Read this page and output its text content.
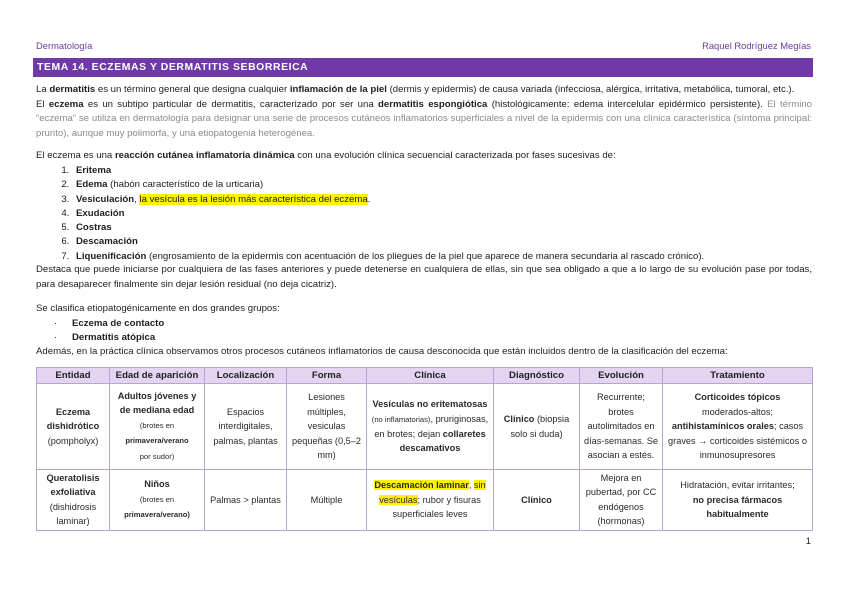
Dermatología	Raquel Rodríguez Megías
TEMA 14. ECZEMAS Y DERMATITIS SEBORREICA
La dermatitis es un término general que designa cualquier inflamación de la piel (dermis y epidermis) de causa variada (infecciosa, alérgica, irritativa, metabólica, tumoral, etc.).
El eczema es un subtipo particular de dermatitis, caracterizado por ser una dermatitis espongiótica (histológicamente: edema intercelular epidérmico persistente). El término “eczema” se utiliza en dermatología para designar una serie de procesos cutáneos inflamatorios superficiales a nivel de la epidermis con una clínica característica (síntoma principal: prurito), aunque muy polimorfa, y una etiopatogenia heterogénea.
El eczema es una reacción cutánea inflamatoria dinámica con una evolución clínica secuencial caracterizada por fases sucesivas de:
1. Eritema
2. Edema (habón característico de la urticaria)
3. Vesiculación, la vesícula es la lesión más característica del eczema.
4. Exudación
5. Costras
6. Descamación
7. Liquenificación (engrosamiento de la epidermis con acentuación de los pliegues de la piel que aparece de manera secundaria al rascado crónico).
Destaca que puede iniciarse por cualquiera de las fases anteriores y puede detenerse en cualquiera de ellas, sin que sea obligado a que a lo largo de su evolución pase por todas, para desaparecer finalmente sin dejar lesión residual (no deja cicatriz).
Se clasifica etiopatogénicamente en dos grandes grupos:
· Eczema de contacto
· Dermatitis atópica
Además, en la práctica clínica observamos otros procesos cutáneos inflamatorios de causa desconocida que están incluidos dentro de la clasificación del eczema:
Entidad	Edad de aparición	Localización	Forma	Clínica	Diagnóstico	Evolución	Tratamiento
Eczema dishidrótico
(pompholyx)	Adultos jóvenes y de mediana edad
(brotes en
primavera/verano
por sudor)	Espacios interdigitales, palmas, plantas	Lesiones múltiples, vesiculas pequeñas (0,5–2 mm)	Vesículas no eritematosas (no inflamatorias), pruriginosas, en brotes; dejan collaretes descamativos	Clínico (biopsia solo si duda)	Recurrente; brotes autolimitados en días-semanas. Se asocian a estés.	Corticoides tópicos
moderados-altos;
antihistamínicos orales; casos graves → corticoides sistémicos o inmunosupresores
Queratolisis exfoliativa
(dishidrosis laminar)	Niños
(brotes en
primavera/verano)	Palmas > plantas	Múltiple	Descamación laminar, sin vesículas; rubor y fisuras superficiales leves	Clínico	Mejora en pubertad, por CC endógenos (hormonas)	Hidratación, evitar irritantes;
no precisa fármacos habitualmente
1
